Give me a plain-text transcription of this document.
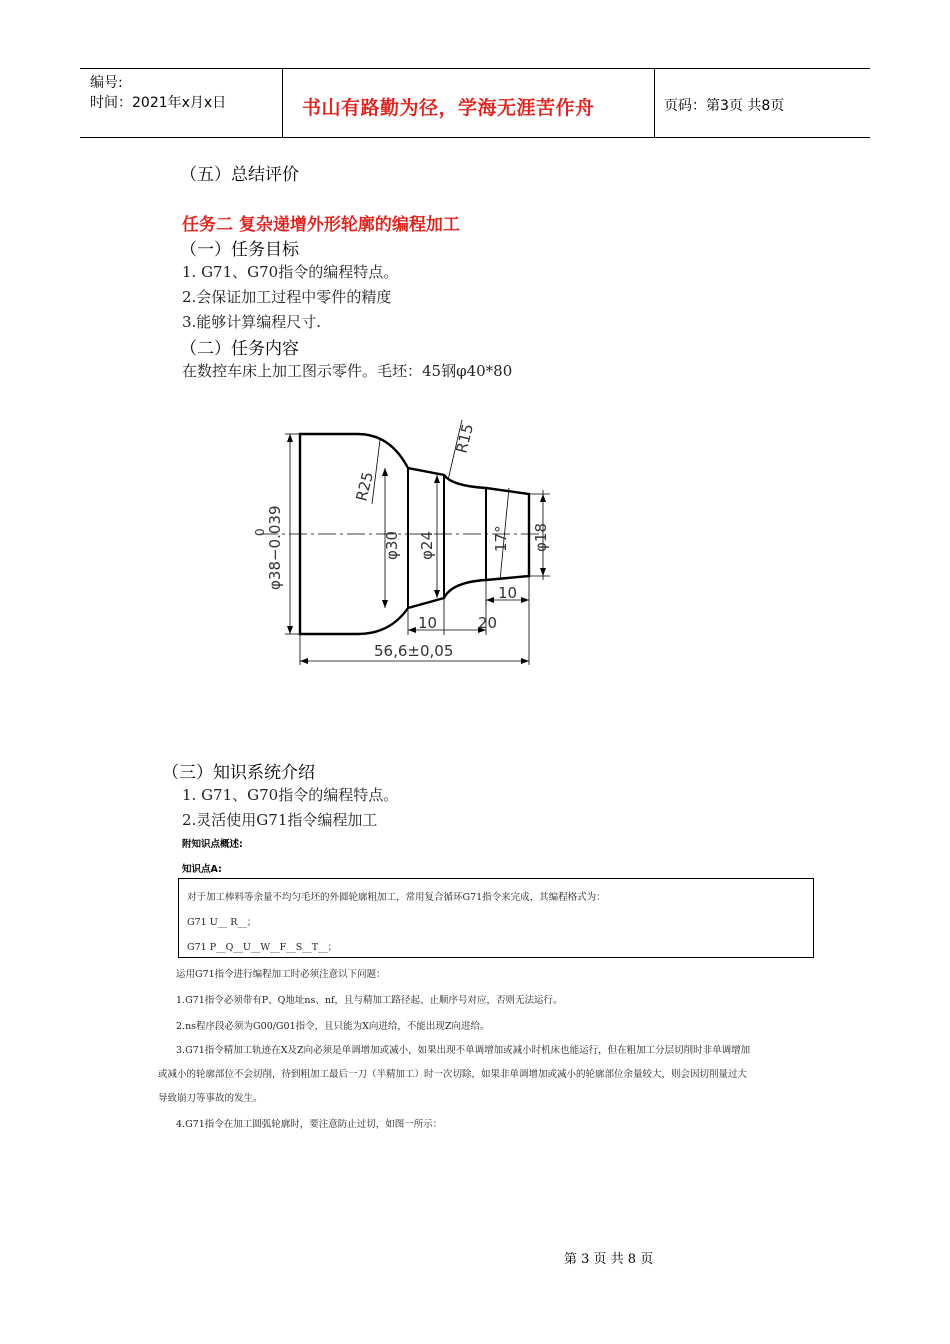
编号:
时间：2021年x月x日	书山有路勤为径，学海无涯苦作舟	页码：第3页 共8页
（五）总结评价
任务二 复杂递增外形轮廓的编程加工
（一）任务目标
1. G71、G70指令的编程特点。
2.会保证加工过程中零件的精度
3.能够计算编程尺寸.
（二）任务内容
在数控车床上加工图示零件。毛坯：45钢φ40*80
φ38−0.039
0	φ30 φ24	φ18
17°
R25
R15
10
10	20
56,6±0,05
（三）知识系统介绍
1. G71、G70指令的编程特点。
2.灵活使用G71指令编程加工
附知识点概述:
知识点A:
对于加工棒料等余量不均匀毛坯的外圆轮廓粗加工，常用复合循环G71指令来完成，其编程格式为：
G71 U__ R__；
G71 P__Q__U__W__F__S__T__；
运用G71指令进行编程加工时必须注意以下问题：
1.G71指令必须带有P、Q地址ns、nf，且与精加工路径起、止顺序号对应，否则无法运行。
2.ns程序段必须为G00/G01指令，且只能为X向进给，不能出现Z向进给。
3.G71指令精加工轨迹在X及Z向必须是单调增加或减小，如果出现不单调增加或减小时机床也能运行，但在粗加工分层切削时非单调增加
或减小的轮廓部位不会切削，待到粗加工最后一刀（半精加工）时一次切除，如果非单调增加或减小的轮廓部位余量较大，则会因切削量过大
导致崩刀等事故的发生。
4.G71指令在加工圆弧轮廓时，要注意防止过切，如图一所示：
第 3 页 共 8 页
